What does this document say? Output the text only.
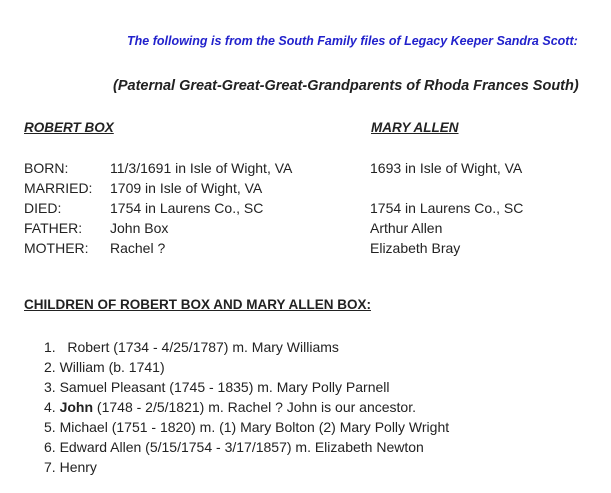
The following is from the South Family files of Legacy Keeper Sandra Scott:
(Paternal Great-Great-Great-Grandparents of Rhoda Frances South)
ROBERT BOX	MARY ALLEN
BORN:	11/3/1691 in Isle of Wight, VA	1693 in Isle of Wight, VA
MARRIED: 1709 in Isle of Wight, VA
DIED:	1754 in Laurens Co., SC	1754 in Laurens Co., SC
FATHER: John Box	Arthur Allen
MOTHER: Rachel ?	Elizabeth Bray
CHILDREN OF ROBERT BOX AND MARY ALLEN BOX:
1. Robert (1734 - 4/25/1787) m. Mary Williams
2. William (b. 1741)
3. Samuel Pleasant (1745 - 1835) m. Mary Polly Parnell
4. John (1748 - 2/5/1821) m. Rachel ? John is our ancestor.
5. Michael (1751 - 1820) m. (1) Mary Bolton (2) Mary Polly Wright
6. Edward Allen (5/15/1754 - 3/17/1857) m. Elizabeth Newton
7. Henry
